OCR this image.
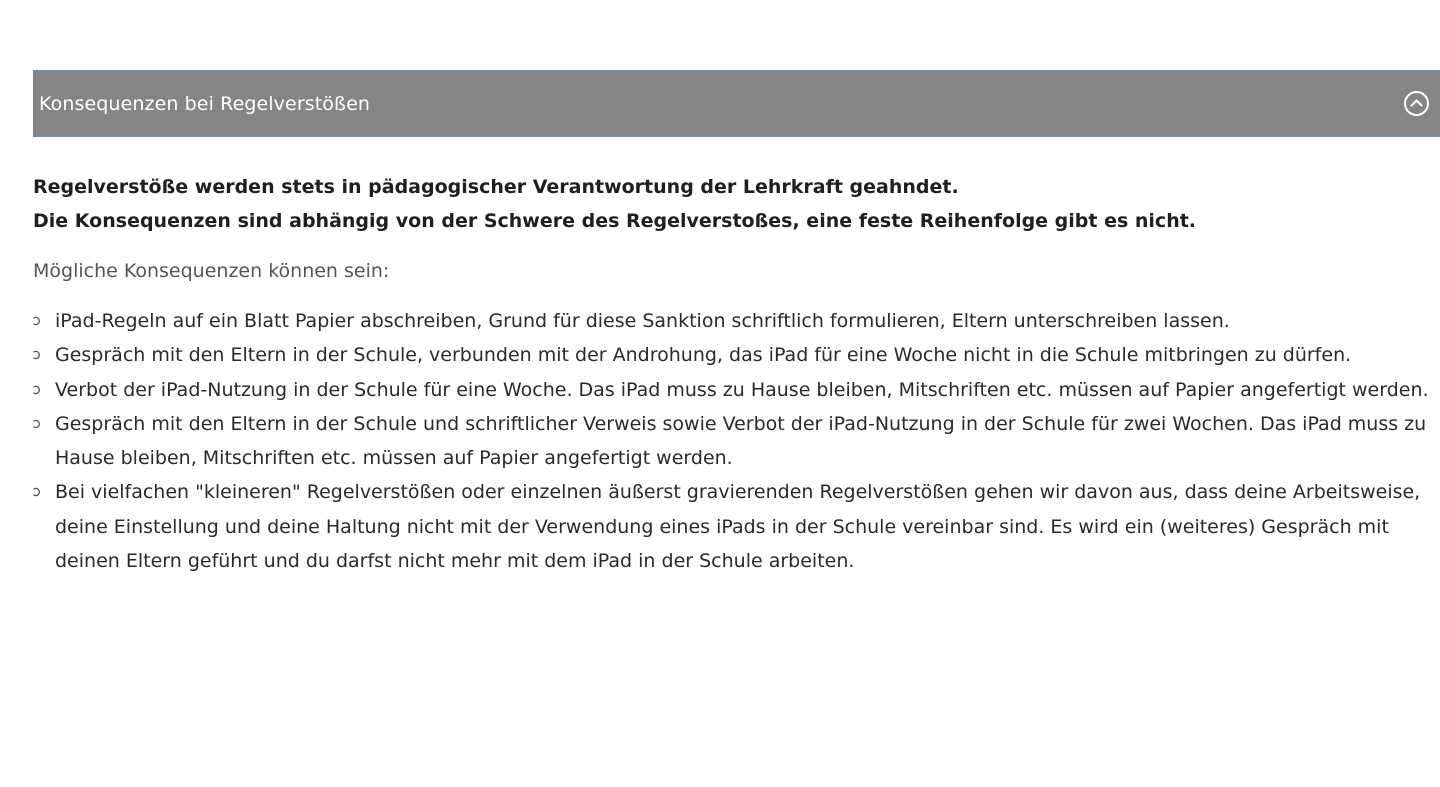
Konsequenzen bei Regelverstößen

Regelverstöße werden stets in pädagogischer Verantwortung der Lehrkraft geahndet.
Die Konsequenzen sind abhängig von der Schwere des Regelverstoßes, eine feste Reihenfolge gibt es nicht.

Mögliche Konsequenzen können sein:

iPad-Regeln auf ein Blatt Papier abschreiben, Grund für diese Sanktion schriftlich formulieren, Eltern unterschreiben lassen.
Gespräch mit den Eltern in der Schule, verbunden mit der Androhung, das iPad für eine Woche nicht in die Schule mitbringen zu dürfen.
Verbot der iPad-Nutzung in der Schule für eine Woche. Das iPad muss zu Hause bleiben, Mitschriften etc. müssen auf Papier angefertigt werden.
Gespräch mit den Eltern in der Schule und schriftlicher Verweis sowie Verbot der iPad-Nutzung in der Schule für zwei Wochen. Das iPad muss zu Hause bleiben, Mitschriften etc. müssen auf Papier angefertigt werden.
Bei vielfachen "kleineren" Regelverstößen oder einzelnen äußerst gravierenden Regelverstößen gehen wir davon aus, dass deine Arbeitsweise, deine Einstellung und deine Haltung nicht mit der Verwendung eines iPads in der Schule vereinbar sind. Es wird ein (weiteres) Gespräch mit deinen Eltern geführt und du darfst nicht mehr mit dem iPad in der Schule arbeiten.
